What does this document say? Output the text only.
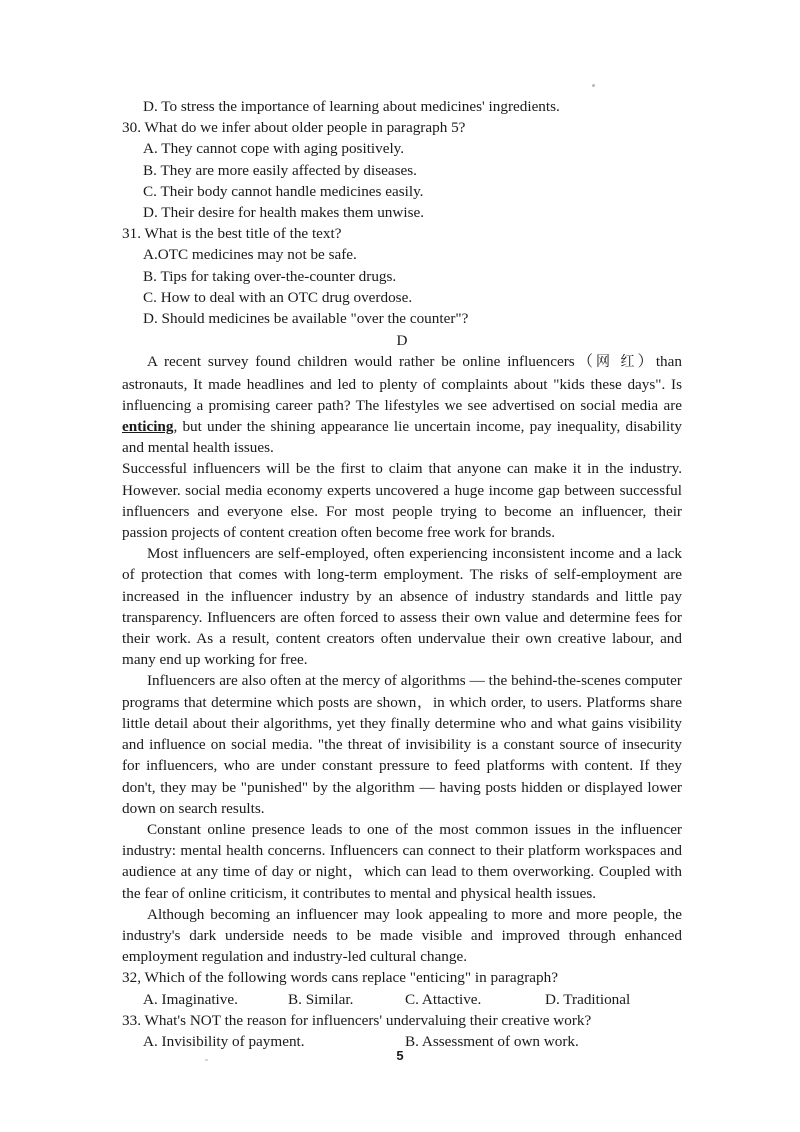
D. To stress the importance of learning about medicines' ingredients.
30. What do we infer about older people in paragraph 5?
A. They cannot cope with aging positively.
B. They are more easily affected by diseases.
C. Their body cannot handle medicines easily.
D. Their desire for health makes them unwise.
31. What is the best title of the text?
A.OTC medicines may not be safe.
B. Tips for taking over-the-counter drugs.
C. How to deal with an OTC drug overdose.
D. Should medicines be available "over the counter"?
D

A recent survey found children would rather be online influencers（网 红）than astronauts, It made headlines and led to plenty of complaints about "kids these days". Is influencing a promising career path? The lifestyles we see advertised on social media are enticing, but under the shining appearance lie uncertain income, pay inequality, disability and mental health issues.

Successful influencers will be the first to claim that anyone can make it in the industry. However. social media economy experts uncovered a huge income gap between successful influencers and everyone else. For most people trying to become an influencer, their passion projects of content creation often become free work for brands.

Most influencers are self-employed, often experiencing inconsistent income and a lack of protection that comes with long-term employment. The risks of self-employment are increased in the influencer industry by an absence of industry standards and little pay transparency. Influencers are often forced to assess their own value and determine fees for their work. As a result, content creators often undervalue their own creative labour, and many end up working for free.

Influencers are also often at the mercy of algorithms — the behind-the-scenes computer programs that determine which posts are shown，in which order, to users. Platforms share little detail about their algorithms, yet they finally determine who and what gains visibility and influence on social media. "the threat of invisibility is a constant source of insecurity for influencers, who are under constant pressure to feed platforms with content. If they don't, they may be "punished" by the algorithm — having posts hidden or displayed lower down on search results.

Constant online presence leads to one of the most common issues in the influencer industry: mental health concerns. Influencers can connect to their platform workspaces and audience at any time of day or night，which can lead to them overworking. Coupled with the fear of online criticism, it contributes to mental and physical health issues.

Although becoming an influencer may look appealing to more and more people, the industry's dark underside needs to be made visible and improved through enhanced employment regulation and industry-led cultural change.

32, Which of the following words cans replace "enticing" in paragraph?
A. Imaginative.	B. Similar.	C. Attactive.	D. Traditional
33. What's NOT the reason for influencers' undervaluing their creative work?
A. Invisibility of payment.	B. Assessment of own work.
5
